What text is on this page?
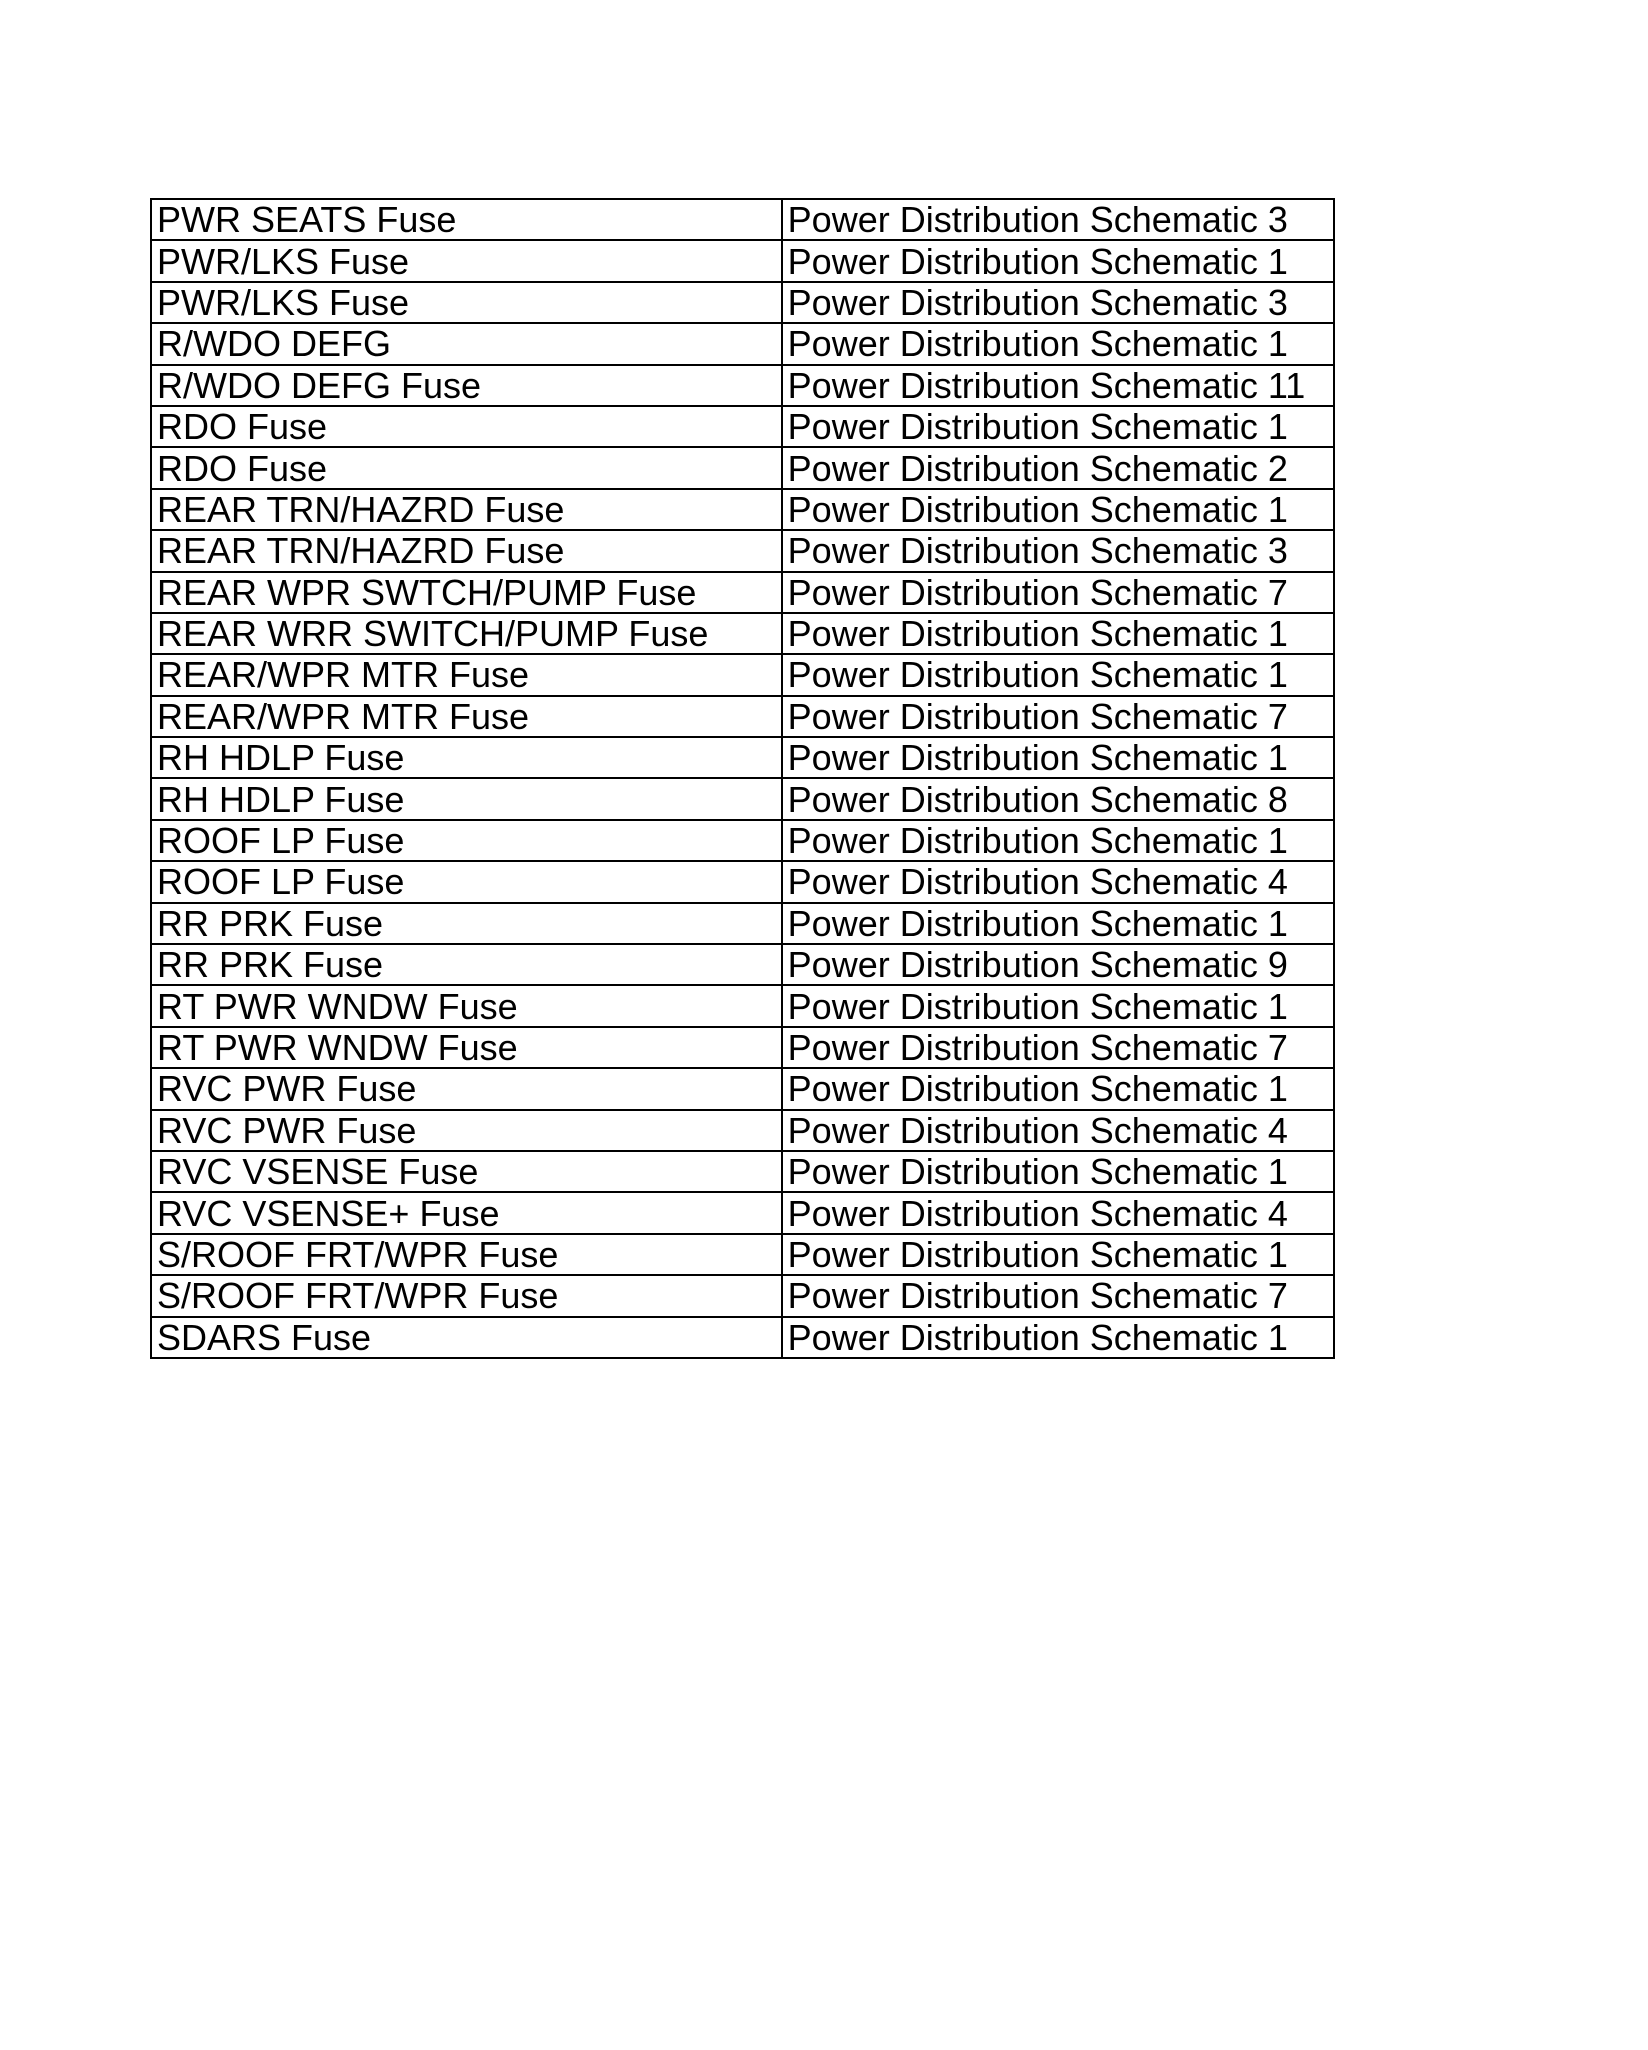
PWR SEATS Fuse	Power Distribution Schematic 3
PWR/LKS Fuse	Power Distribution Schematic 1
PWR/LKS Fuse	Power Distribution Schematic 3
R/WDO DEFG	Power Distribution Schematic 1
R/WDO DEFG Fuse	Power Distribution Schematic 11
RDO Fuse	Power Distribution Schematic 1
RDO Fuse	Power Distribution Schematic 2
REAR TRN/HAZRD Fuse	Power Distribution Schematic 1
REAR TRN/HAZRD Fuse	Power Distribution Schematic 3
REAR WPR SWTCH/PUMP Fuse	Power Distribution Schematic 7
REAR WRR SWITCH/PUMP Fuse	Power Distribution Schematic 1
REAR/WPR MTR Fuse	Power Distribution Schematic 1
REAR/WPR MTR Fuse	Power Distribution Schematic 7
RH HDLP Fuse	Power Distribution Schematic 1
RH HDLP Fuse	Power Distribution Schematic 8
ROOF LP Fuse	Power Distribution Schematic 1
ROOF LP Fuse	Power Distribution Schematic 4
RR PRK Fuse	Power Distribution Schematic 1
RR PRK Fuse	Power Distribution Schematic 9
RT PWR WNDW Fuse	Power Distribution Schematic 1
RT PWR WNDW Fuse	Power Distribution Schematic 7
RVC PWR Fuse	Power Distribution Schematic 1
RVC PWR Fuse	Power Distribution Schematic 4
RVC VSENSE Fuse	Power Distribution Schematic 1
RVC VSENSE+ Fuse	Power Distribution Schematic 4
S/ROOF FRT/WPR Fuse	Power Distribution Schematic 1
S/ROOF FRT/WPR Fuse	Power Distribution Schematic 7
SDARS Fuse	Power Distribution Schematic 1
